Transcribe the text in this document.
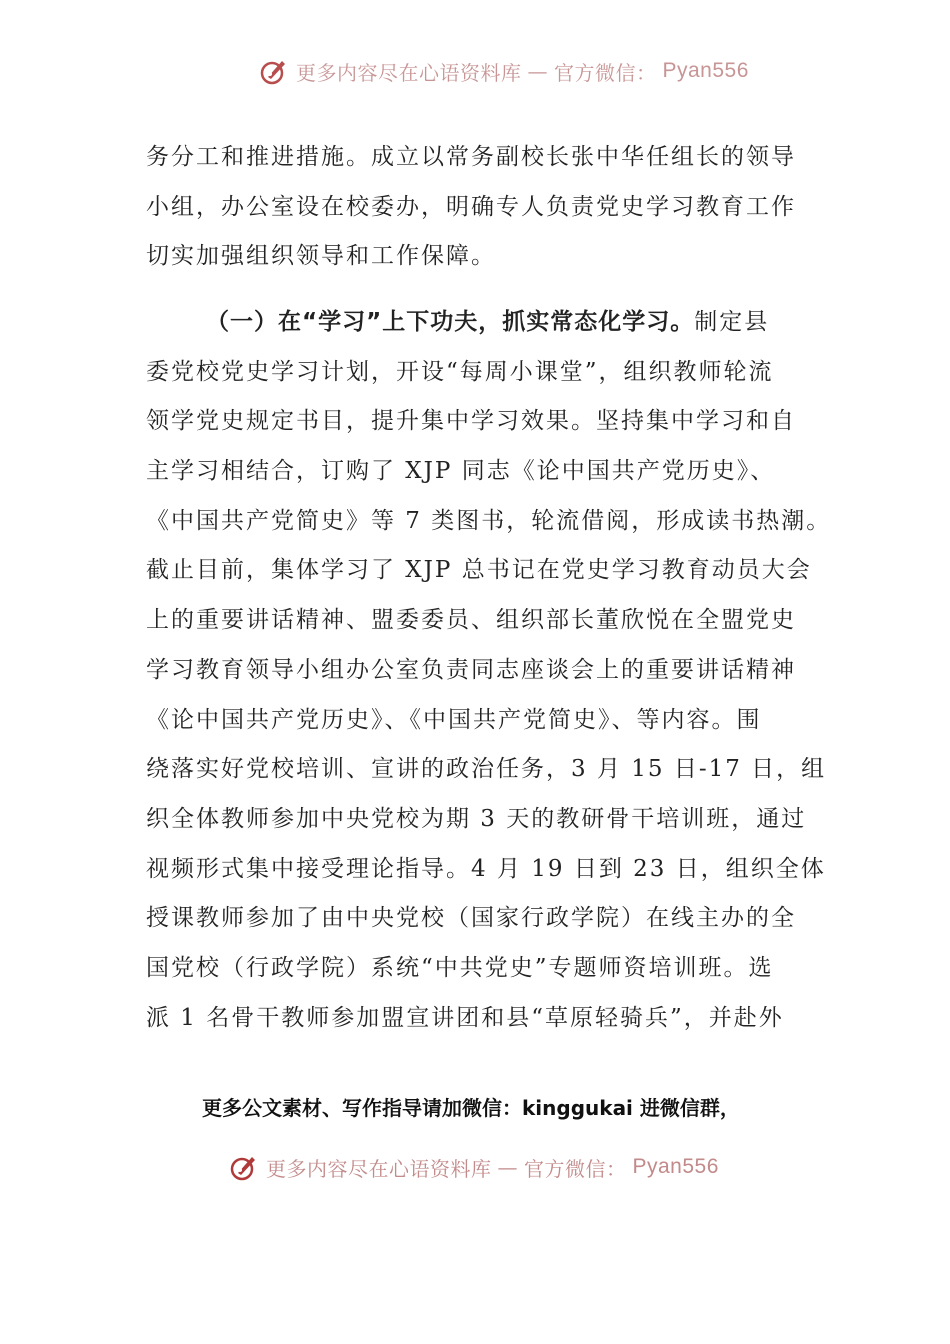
更多内容尽在心语资料库 — 官方微信： Pyan556
务分工和推进措施。成立以常务副校长张中华任组长的领导
小组，办公室设在校委办，明确专人负责党史学习教育工作
切实加强组织领导和工作保障。
（一）在“学习”上下功夫，抓实常态化学习。制定县
委党校党史学习计划，开设“每周小课堂”，组织教师轮流
领学党史规定书目，提升集中学习效果。坚持集中学习和自
主学习相结合，订购了 XJP 同志《论中国共产党历史》、
《中国共产党简史》等 7 类图书，轮流借阅，形成读书热潮。
截止目前，集体学习了 XJP 总书记在党史学习教育动员大会
上的重要讲话精神、盟委委员、组织部长董欣悦在全盟党史
学习教育领导小组办公室负责同志座谈会上的重要讲话精神
《论中国共产党历史》、《中国共产党简史》、等内容。围
绕落实好党校培训、宣讲的政治任务，3 月 15 日-17 日，组
织全体教师参加中央党校为期 3 天的教研骨干培训班，通过
视频形式集中接受理论指导。4 月 19 日到 23 日，组织全体
授课教师参加了由中央党校（国家行政学院）在线主办的全
国党校（行政学院）系统“中共党史”专题师资培训班。选
派 1 名骨干教师参加盟宣讲团和县“草原轻骑兵”，并赴外
更多公文素材、写作指导请加微信：kinggukai 进微信群，
更多内容尽在心语资料库 — 官方微信： Pyan556
